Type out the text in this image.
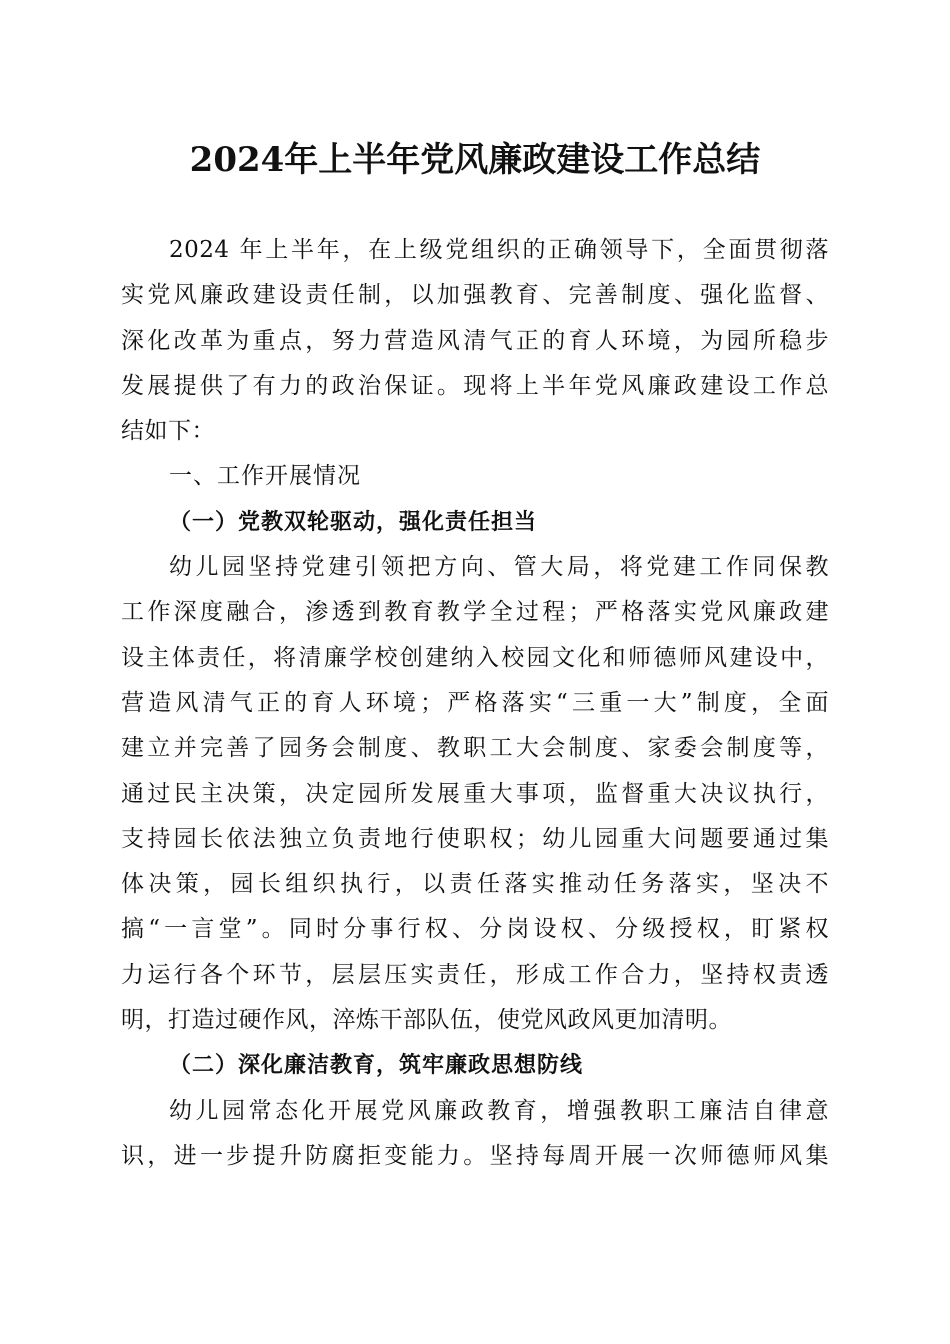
2024年上半年党风廉政建设工作总结
2024 年上半年，在上级党组织的正确领导下，全面贯彻落
实党风廉政建设责任制，以加强教育、完善制度、强化监督、
深化改革为重点，努力营造风清气正的育人环境，为园所稳步
发展提供了有力的政治保证。现将上半年党风廉政建设工作总
结如下：
一、工作开展情况
（一）党教双轮驱动，强化责任担当
幼儿园坚持党建引领把方向、管大局，将党建工作同保教
工作深度融合，渗透到教育教学全过程；严格落实党风廉政建
设主体责任，将清廉学校创建纳入校园文化和师德师风建设中，
营造风清气正的育人环境；严格落实“三重一大”制度，全面
建立并完善了园务会制度、教职工大会制度、家委会制度等，
通过民主决策，决定园所发展重大事项，监督重大决议执行，
支持园长依法独立负责地行使职权；幼儿园重大问题要通过集
体决策，园长组织执行，以责任落实推动任务落实，坚决不
搞“一言堂”。同时分事行权、分岗设权、分级授权，盯紧权
力运行各个环节，层层压实责任，形成工作合力，坚持权责透
明，打造过硬作风，淬炼干部队伍，使党风政风更加清明。
（二）深化廉洁教育，筑牢廉政思想防线
幼儿园常态化开展党风廉政教育，增强教职工廉洁自律意
识，进一步提升防腐拒变能力。坚持每周开展一次师德师风集
